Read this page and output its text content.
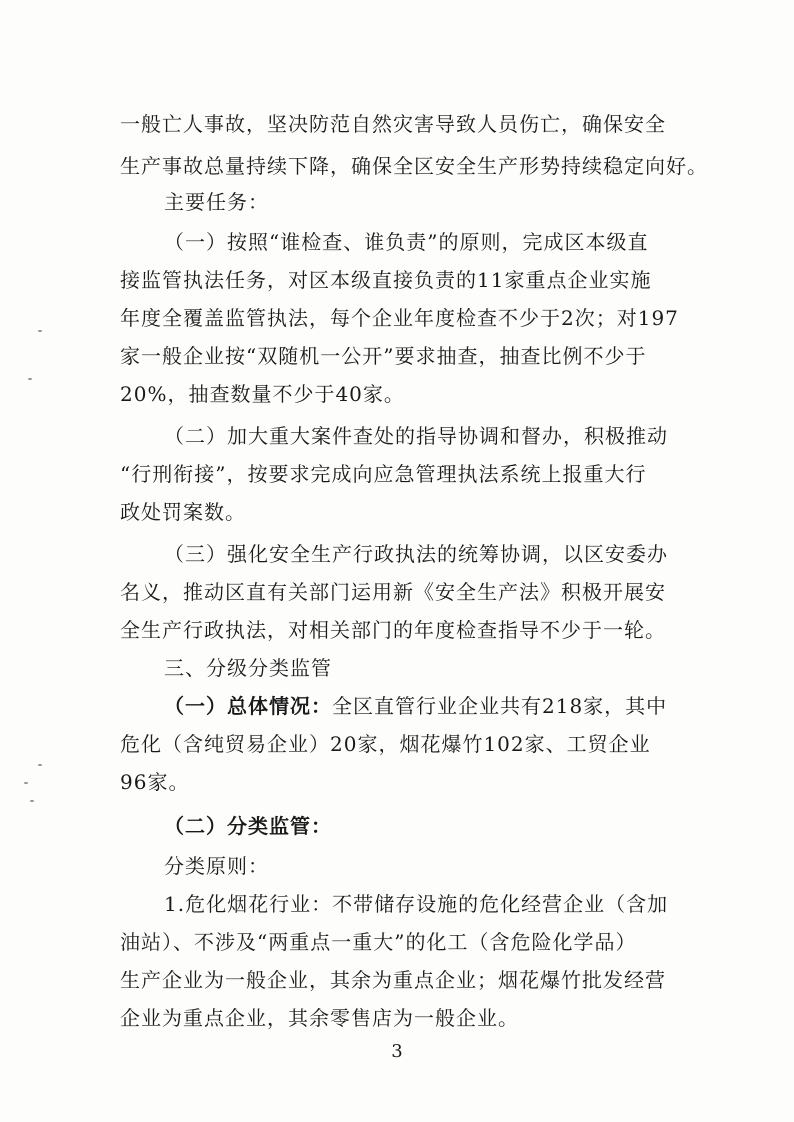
一般亡人事故，坚决防范自然灾害导致人员伤亡，确保安全
生产事故总量持续下降，确保全区安全生产形势持续稳定向好。
主要任务：
（一）按照“谁检查、谁负责”的原则，完成区本级直
接监管执法任务，对区本级直接负责的11家重点企业实施
年度全覆盖监管执法，每个企业年度检查不少于2次；对197
家一般企业按“双随机一公开”要求抽查，抽查比例不少于
20%，抽查数量不少于40家。
（二）加大重大案件查处的指导协调和督办，积极推动
“行刑衔接”，按要求完成向应急管理执法系统上报重大行
政处罚案数。
（三）强化安全生产行政执法的统筹协调，以区安委办
名义，推动区直有关部门运用新《安全生产法》积极开展安
全生产行政执法，对相关部门的年度检查指导不少于一轮。
三、分级分类监管
（一）总体情况：全区直管行业企业共有218家，其中
危化（含纯贸易企业）20家，烟花爆竹102家、工贸企业
96家。
（二）分类监管：
分类原则：
1.危化烟花行业：不带储存设施的危化经营企业（含加
油站）、不涉及“两重点一重大”的化工（含危险化学品）
生产企业为一般企业，其余为重点企业；烟花爆竹批发经营
企业为重点企业，其余零售店为一般企业。
3
